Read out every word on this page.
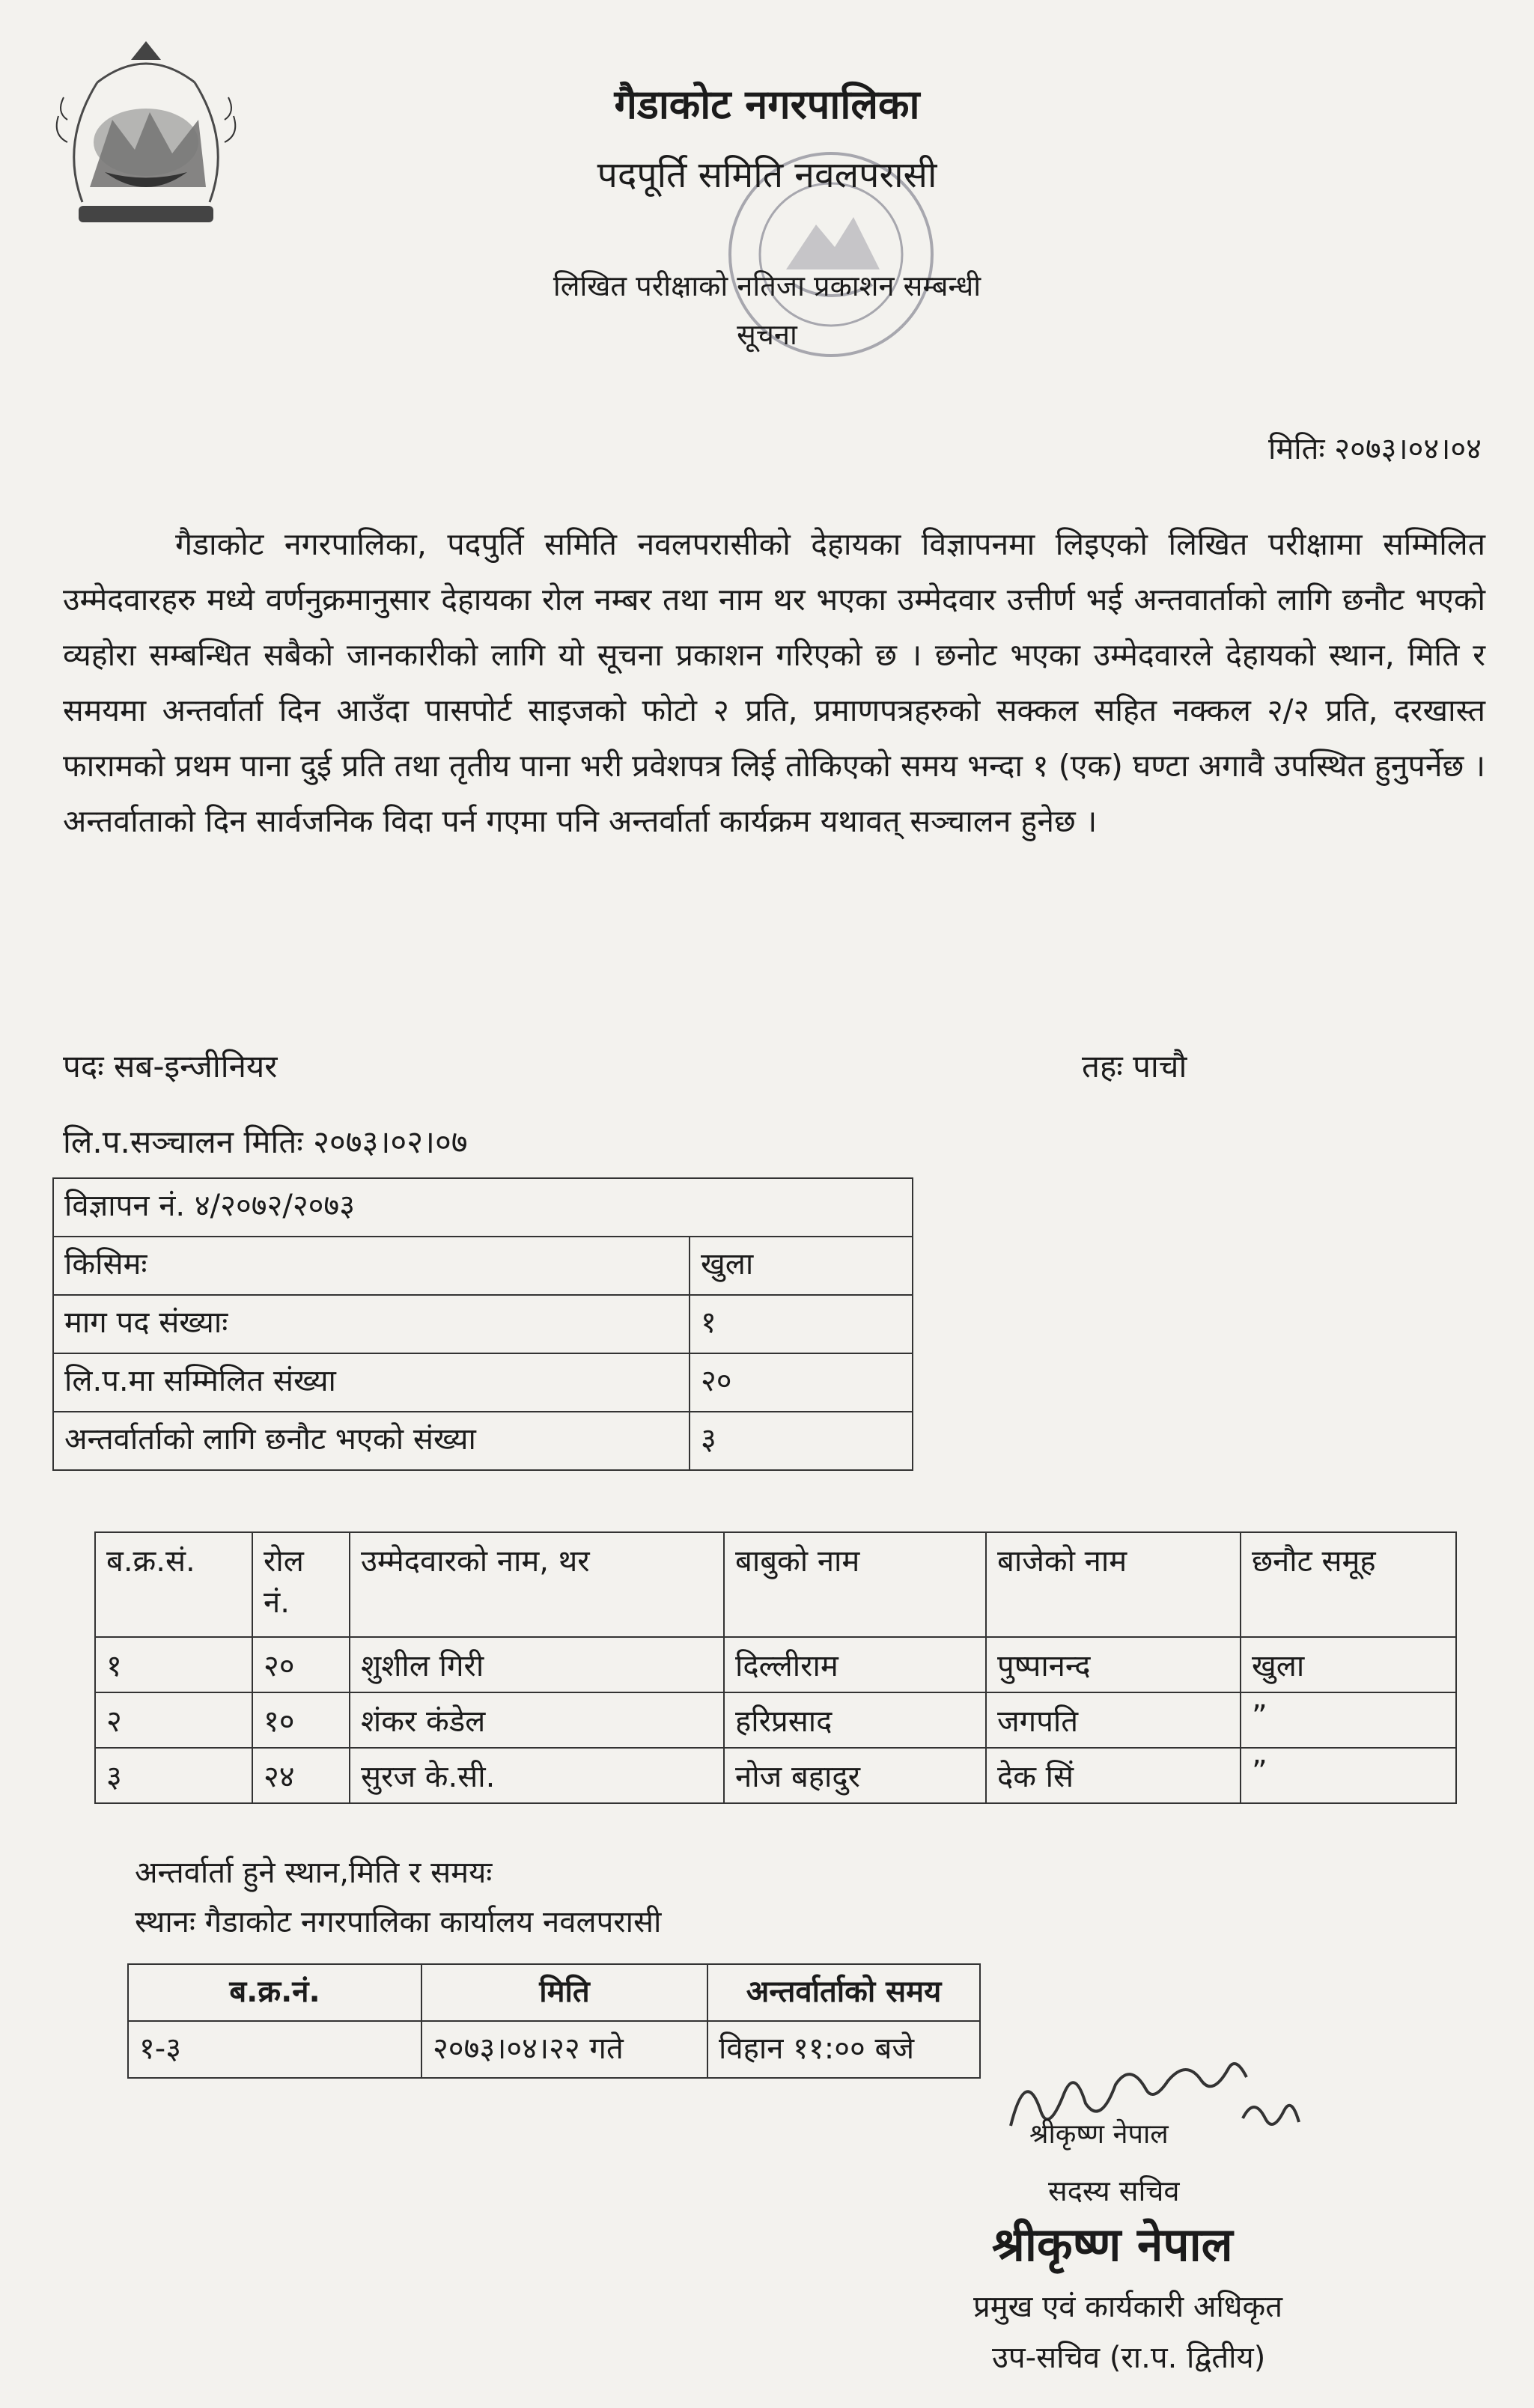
गैडाकोट नगरपालिका
पदपूर्ति समिति नवलपरासी
लिखित परीक्षाको नतिजा प्रकाशन सम्बन्धी
सूचना
मितिः २०७३।०४।०४
गैडाकोट नगरपालिका, पदपुर्ति समिति नवलपरासीको देहायका विज्ञापनमा लिइएको लिखित परीक्षामा सम्मिलित उम्मेदवारहरु मध्ये वर्णनुक्रमानुसार देहायका रोल नम्बर तथा नाम थर भएका उम्मेदवार उत्तीर्ण भई अन्तवार्ताको लागि छनौट भएको व्यहोरा सम्बन्धित सबैको जानकारीको लागि यो सूचना प्रकाशन गरिएको छ । छनोट भएका उम्मेदवारले देहायको स्थान, मिति र समयमा अन्तर्वार्ता दिन आउँदा पासपोर्ट साइजको फोटो २ प्रति, प्रमाणपत्रहरुको सक्कल सहित नक्कल २/२ प्रति, दरखास्त फारामको प्रथम पाना दुई प्रति तथा तृतीय पाना भरी प्रवेशपत्र लिई तोकिएको समय भन्दा १ (एक) घण्टा अगावै उपस्थित हुनुपर्नेछ । अन्तर्वाताको दिन सार्वजनिक विदा पर्न गएमा पनि अन्तर्वार्ता कार्यक्रम यथावत् सञ्चालन हुनेछ ।
पदः सब-इन्जीनियर	तहः पाचौ
लि.प.सञ्चालन मितिः २०७३।०२।०७
विज्ञापन नं. ४/२०७२/२०७३	
किसिमः	खुला
माग पद संख्याः	१
लि.प.मा सम्मिलित संख्या	२०
अन्तर्वार्ताको लागि छनौट भएको संख्या	३
ब.क्र.सं.	रोल नं.	उम्मेदवारको नाम, थर	बाबुको नाम	बाजेको नाम	छनौट समूह
१	२०	शुशील गिरी	दिल्लीराम	पुष्पानन्द	खुला
२	१०	शंकर कंडेल	हरिप्रसाद	जगपति	”
३	२४	सुरज के.सी.	नोज बहादुर	देक सिं	”
अन्तर्वार्ता हुने स्थान,मिति र समयः
स्थानः गैडाकोट नगरपालिका कार्यालय नवलपरासी
ब.क्र.नं.	मिति	अन्तर्वार्ताको समय
१-३	२०७३।०४।२२ गते	विहान ११:०० बजे
श्रीकृष्ण नेपाल
सदस्य सचिव
श्रीकृष्ण नेपाल
प्रमुख एवं कार्यकारी अधिकृत
उप-सचिव (रा.प. द्वितीय)
